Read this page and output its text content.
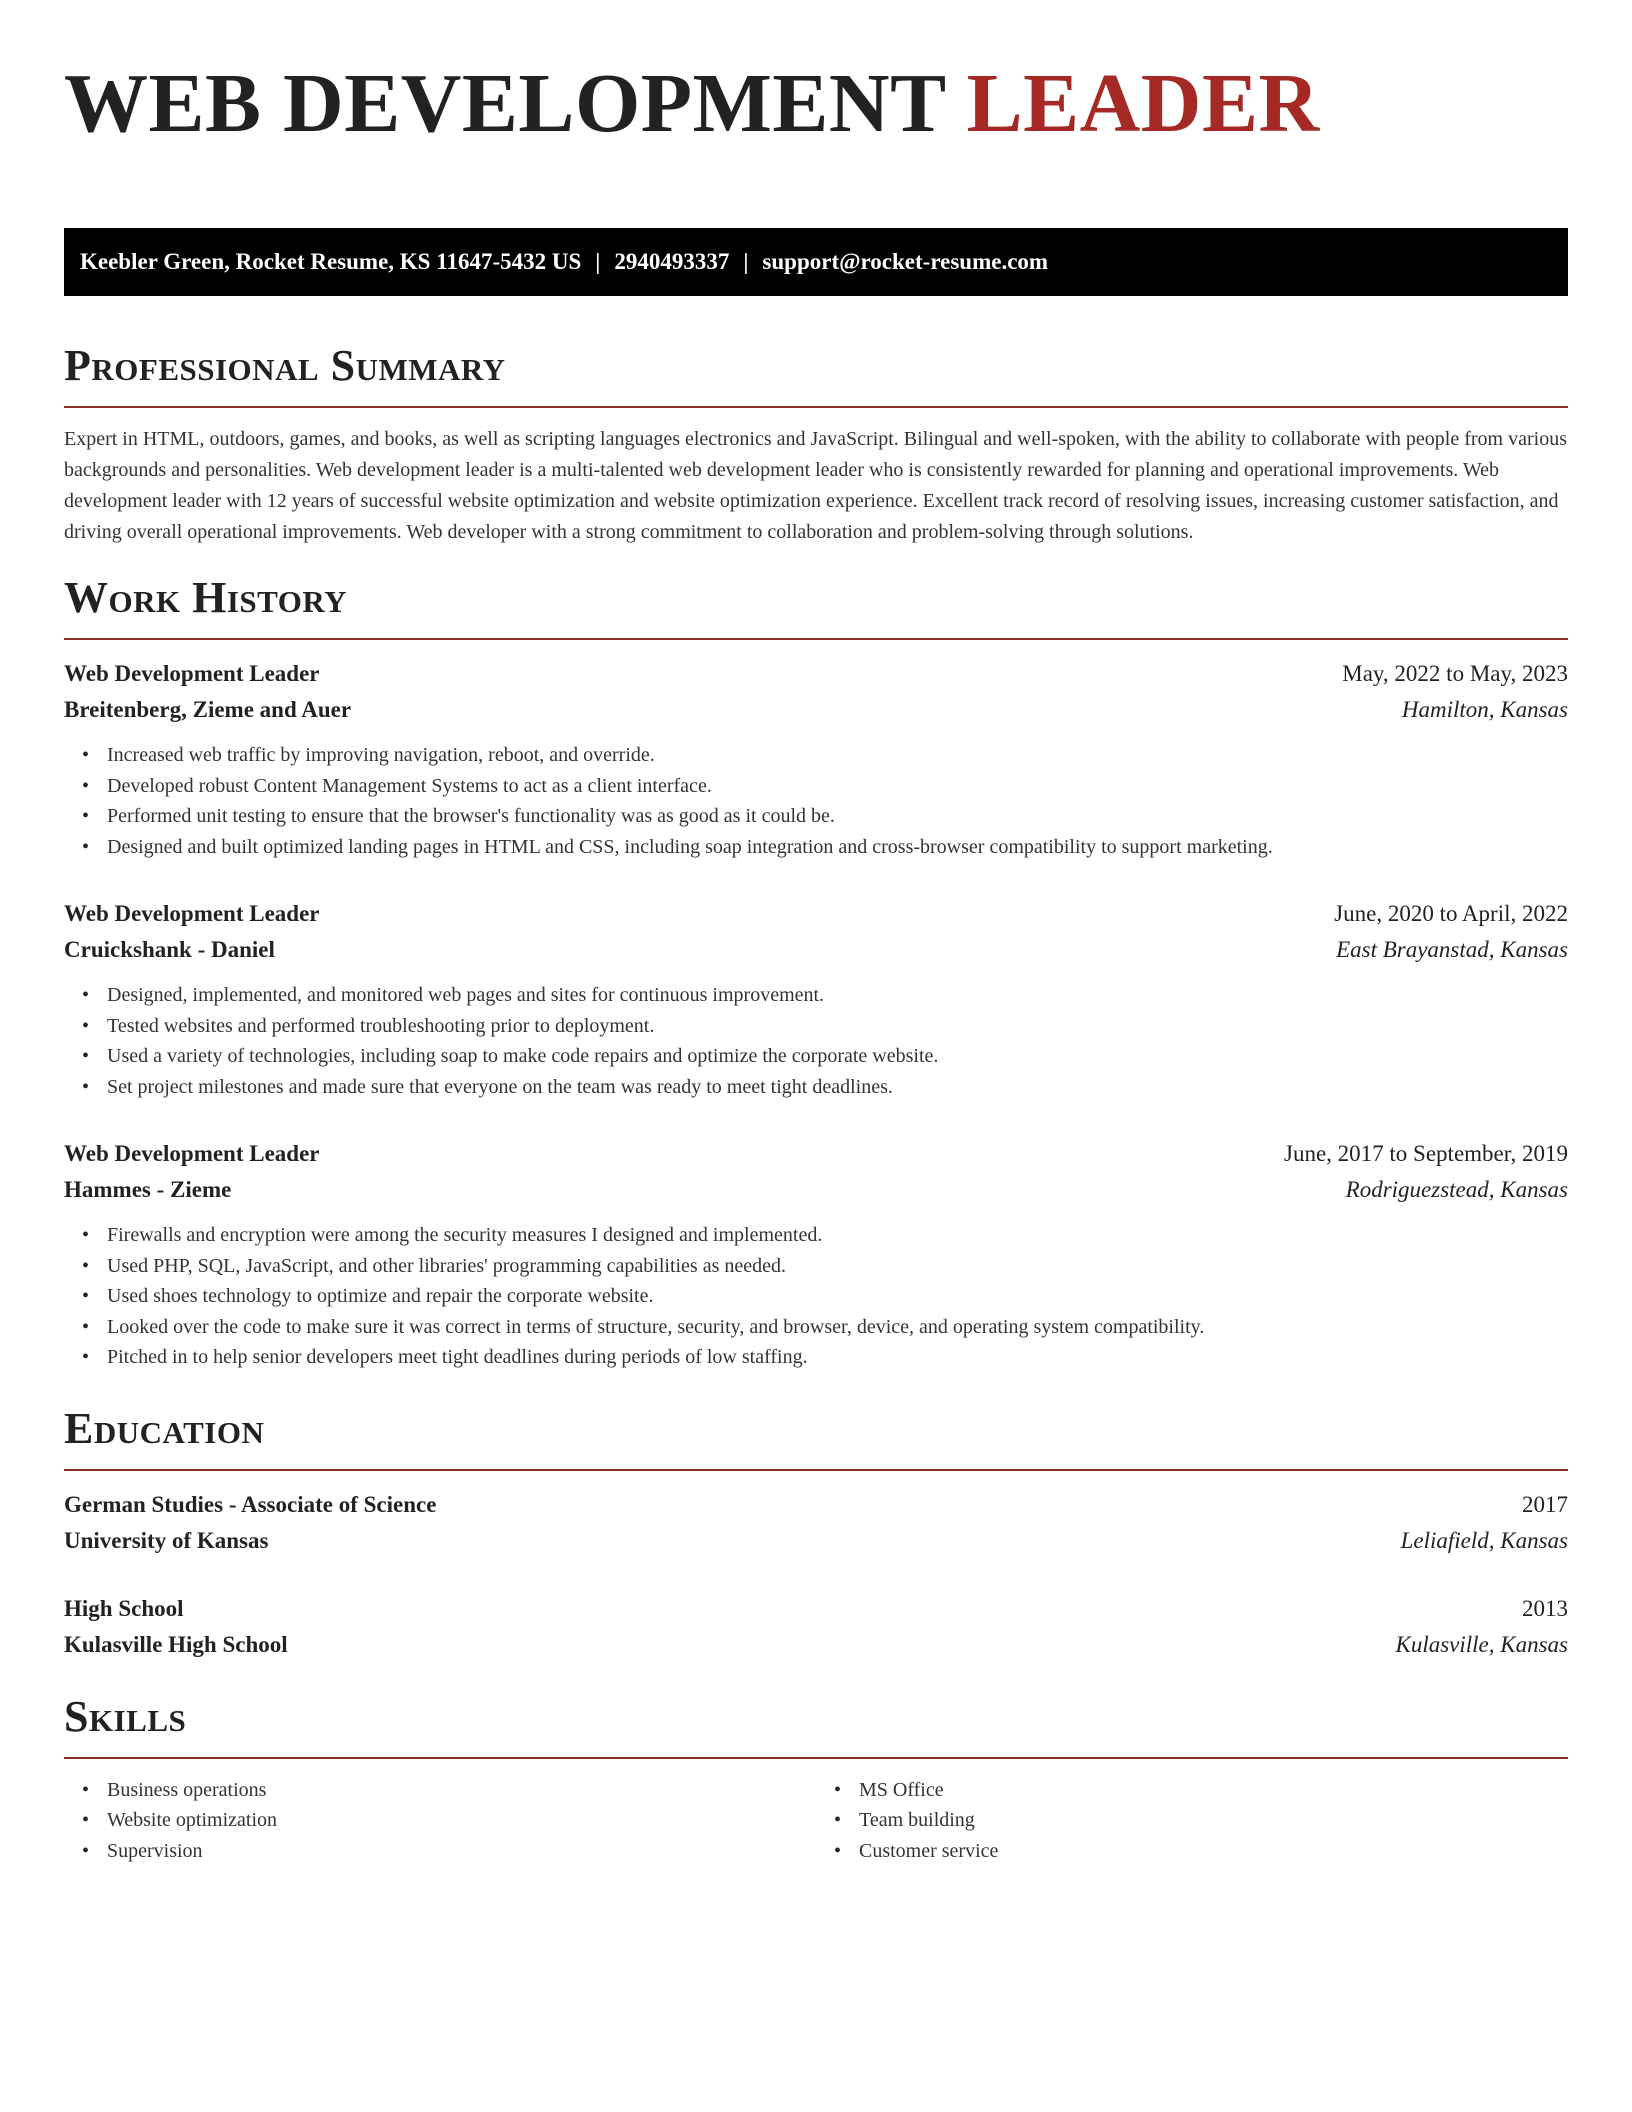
WEB DEVELOPMENT LEADER
Keebler Green, Rocket Resume, KS 11647-5432 US | 2940493337 | support@rocket-resume.com
Professional Summary

Expert in HTML, outdoors, games, and books, as well as scripting languages electronics and JavaScript. Bilingual and well-spoken, with the ability to collaborate with people from various backgrounds and personalities. Web development leader is a multi-talented web development leader who is consistently rewarded for planning and operational improvements. Web development leader with 12 years of successful website optimization and website optimization experience. Excellent track record of resolving issues, increasing customer satisfaction, and driving overall operational improvements. Web developer with a strong commitment to collaboration and problem-solving through solutions.

Work History
Web Development Leader	May, 2022 to May, 2023
Breitenberg, Zieme and Auer	Hamilton, Kansas
• Increased web traffic by improving navigation, reboot, and override.
• Developed robust Content Management Systems to act as a client interface.
• Performed unit testing to ensure that the browser's functionality was as good as it could be.
• Designed and built optimized landing pages in HTML and CSS, including soap integration and cross-browser compatibility to support marketing.
Web Development Leader	June, 2020 to April, 2022
Cruickshank - Daniel	East Brayanstad, Kansas
• Designed, implemented, and monitored web pages and sites for continuous improvement.
• Tested websites and performed troubleshooting prior to deployment.
• Used a variety of technologies, including soap to make code repairs and optimize the corporate website.
• Set project milestones and made sure that everyone on the team was ready to meet tight deadlines.
Web Development Leader	June, 2017 to September, 2019
Hammes - Zieme	Rodriguezstead, Kansas
• Firewalls and encryption were among the security measures I designed and implemented.
• Used PHP, SQL, JavaScript, and other libraries' programming capabilities as needed.
• Used shoes technology to optimize and repair the corporate website.
• Looked over the code to make sure it was correct in terms of structure, security, and browser, device, and operating system compatibility.
• Pitched in to help senior developers meet tight deadlines during periods of low staffing.
Education
German Studies - Associate of Science	2017
University of Kansas	Leliafield, Kansas
High School	2013
Kulasville High School	Kulasville, Kansas
Skills
• Business operations
• Website optimization
• Supervision
• MS Office
• Team building
• Customer service
